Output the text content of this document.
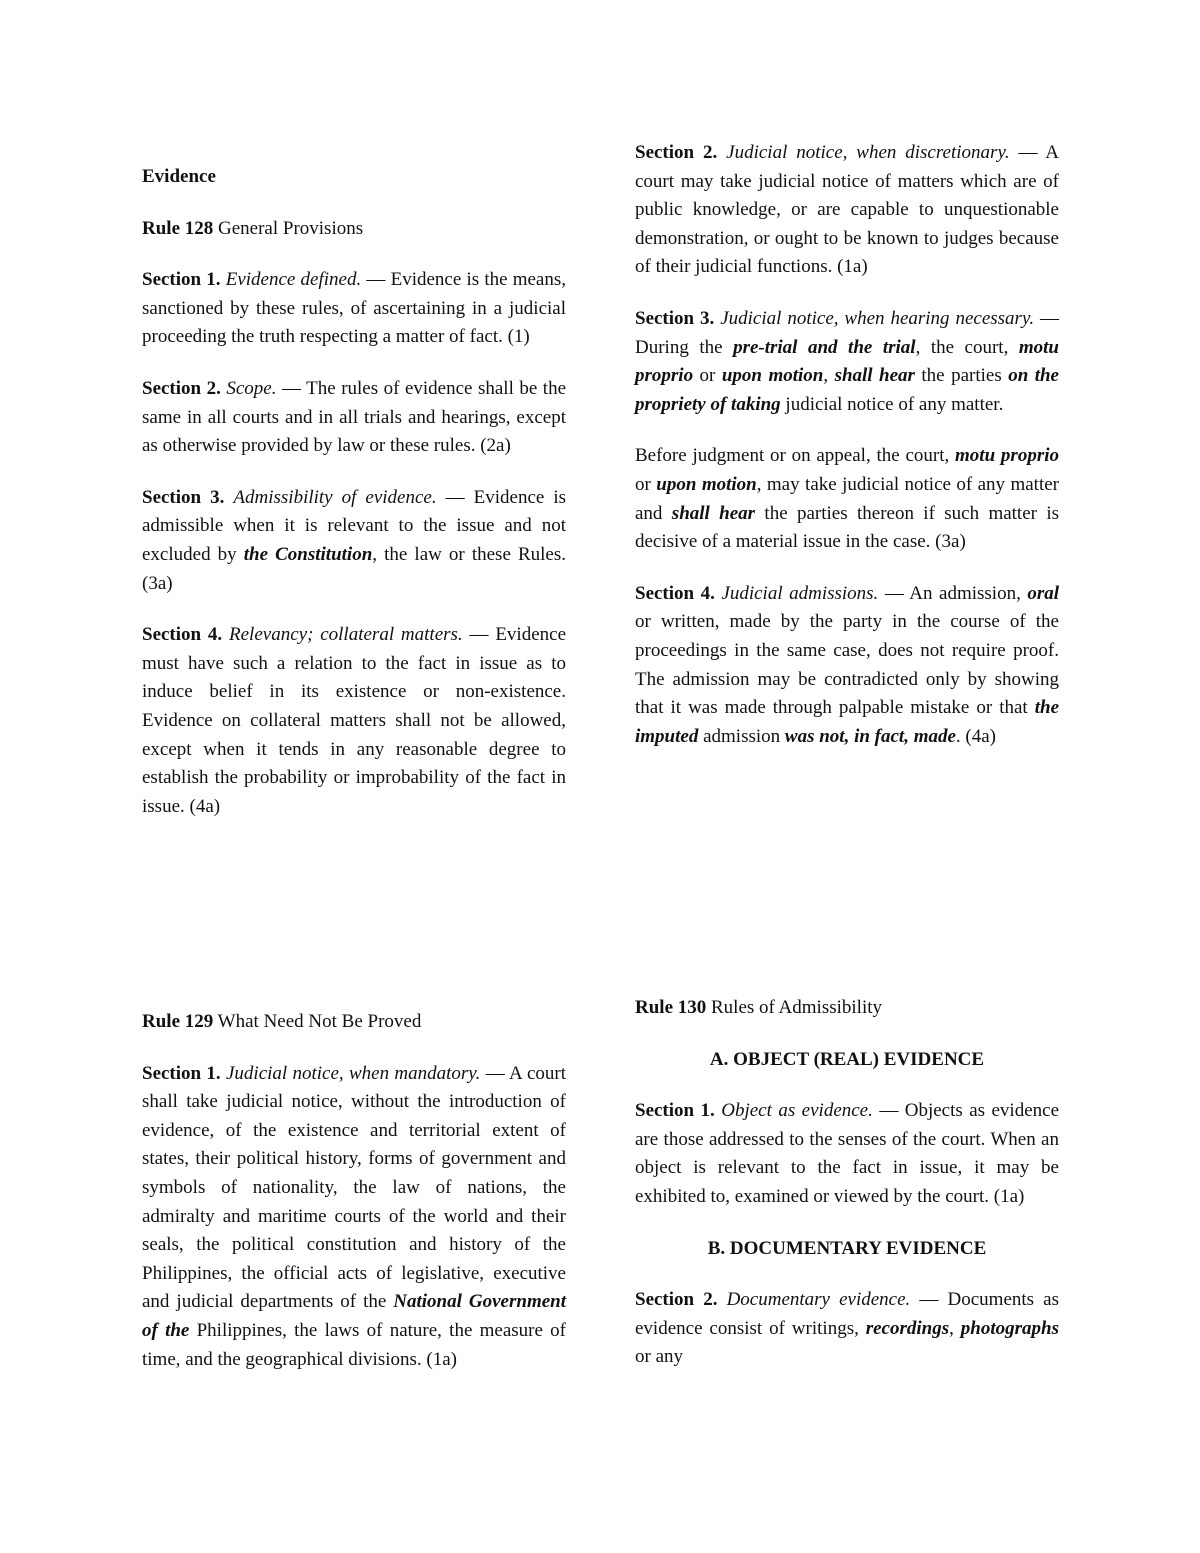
Evidence

Rule 128 General Provisions

Section 1. Evidence defined. — Evidence is the means, sanctioned by these rules, of ascertaining in a judicial proceeding the truth respecting a matter of fact. (1)

Section 2. Scope. — The rules of evidence shall be the same in all courts and in all trials and hearings, except as otherwise provided by law or these rules. (2a)

Section 3. Admissibility of evidence. — Evidence is admissible when it is relevant to the issue and not excluded by the Constitution, the law or these Rules. (3a)

Section 4. Relevancy; collateral matters. — Evidence must have such a relation to the fact in issue as to induce belief in its existence or non-existence. Evidence on collateral matters shall not be allowed, except when it tends in any reasonable degree to establish the probability or improbability of the fact in issue. (4a)

Section 2. Judicial notice, when discretionary. — A court may take judicial notice of matters which are of public knowledge, or are capable to unquestionable demonstration, or ought to be known to judges because of their judicial functions. (1a)

Section 3. Judicial notice, when hearing necessary. — During the pre-trial and the trial, the court, motu proprio or upon motion, shall hear the parties on the propriety of taking judicial notice of any matter.

Before judgment or on appeal, the court, motu proprio or upon motion, may take judicial notice of any matter and shall hear the parties thereon if such matter is decisive of a material issue in the case. (3a)

Section 4. Judicial admissions. — An admission, oral or written, made by the party in the course of the proceedings in the same case, does not require proof. The admission may be contradicted only by showing that it was made through palpable mistake or that the imputed admission was not, in fact, made. (4a)

Rule 129 What Need Not Be Proved

Section 1. Judicial notice, when mandatory. — A court shall take judicial notice, without the introduction of evidence, of the existence and territorial extent of states, their political history, forms of government and symbols of nationality, the law of nations, the admiralty and maritime courts of the world and their seals, the political constitution and history of the Philippines, the official acts of legislative, executive and judicial departments of the National Government of the Philippines, the laws of nature, the measure of time, and the geographical divisions. (1a)

Rule 130 Rules of Admissibility

A. OBJECT (REAL) EVIDENCE

Section 1. Object as evidence. — Objects as evidence are those addressed to the senses of the court. When an object is relevant to the fact in issue, it may be exhibited to, examined or viewed by the court. (1a)

B. DOCUMENTARY EVIDENCE

Section 2. Documentary evidence. — Documents as evidence consist of writings, recordings, photographs or any
